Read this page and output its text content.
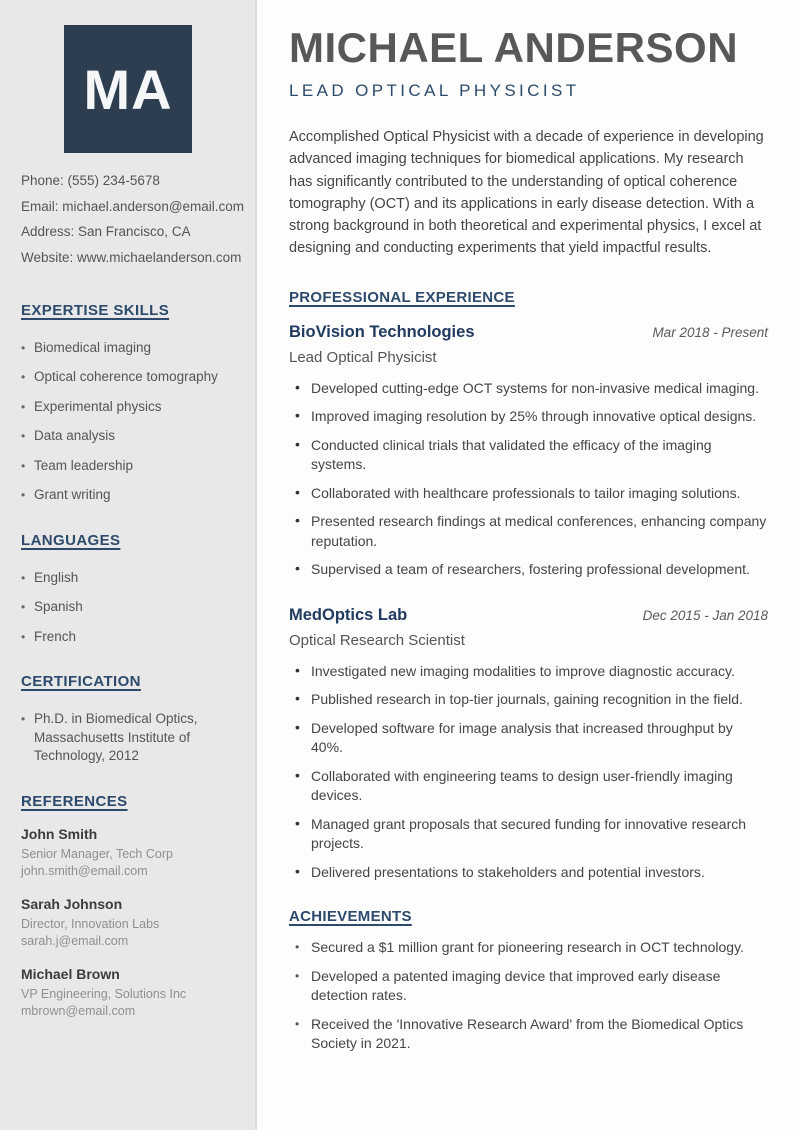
MA
Phone: (555) 234-5678
Email: michael.anderson@email.com
Address: San Francisco, CA
Website: www.michaelanderson.com
EXPERTISE SKILLS
• Biomedical imaging
• Optical coherence tomography
• Experimental physics
• Data analysis
• Team leadership
• Grant writing
LANGUAGES
• English
• Spanish
• French
CERTIFICATION
• Ph.D. in Biomedical Optics, Massachusetts Institute of Technology, 2012
REFERENCES
John Smith
Senior Manager, Tech Corp
john.smith@email.com
Sarah Johnson
Director, Innovation Labs
sarah.j@email.com
Michael Brown
VP Engineering, Solutions Inc
mbrown@email.com
MICHAEL ANDERSON
LEAD OPTICAL PHYSICIST

Accomplished Optical Physicist with a decade of experience in developing advanced imaging techniques for biomedical applications. My research has significantly contributed to the understanding of optical coherence tomography (OCT) and its applications in early disease detection. With a strong background in both theoretical and experimental physics, I excel at designing and conducting experiments that yield impactful results.

PROFESSIONAL EXPERIENCE
BioVision Technologies	Mar 2018 - Present
Lead Optical Physicist
• Developed cutting-edge OCT systems for non-invasive medical imaging.
• Improved imaging resolution by 25% through innovative optical designs.
• Conducted clinical trials that validated the efficacy of the imaging systems.
• Collaborated with healthcare professionals to tailor imaging solutions.
• Presented research findings at medical conferences, enhancing company reputation.
• Supervised a team of researchers, fostering professional development.
MedOptics Lab	Dec 2015 - Jan 2018
Optical Research Scientist
• Investigated new imaging modalities to improve diagnostic accuracy.
• Published research in top-tier journals, gaining recognition in the field.
• Developed software for image analysis that increased throughput by 40%.
• Collaborated with engineering teams to design user-friendly imaging devices.
• Managed grant proposals that secured funding for innovative research projects.
• Delivered presentations to stakeholders and potential investors.
ACHIEVEMENTS
• Secured a $1 million grant for pioneering research in OCT technology.
• Developed a patented imaging device that improved early disease detection rates.
• Received the 'Innovative Research Award' from the Biomedical Optics Society in 2021.
